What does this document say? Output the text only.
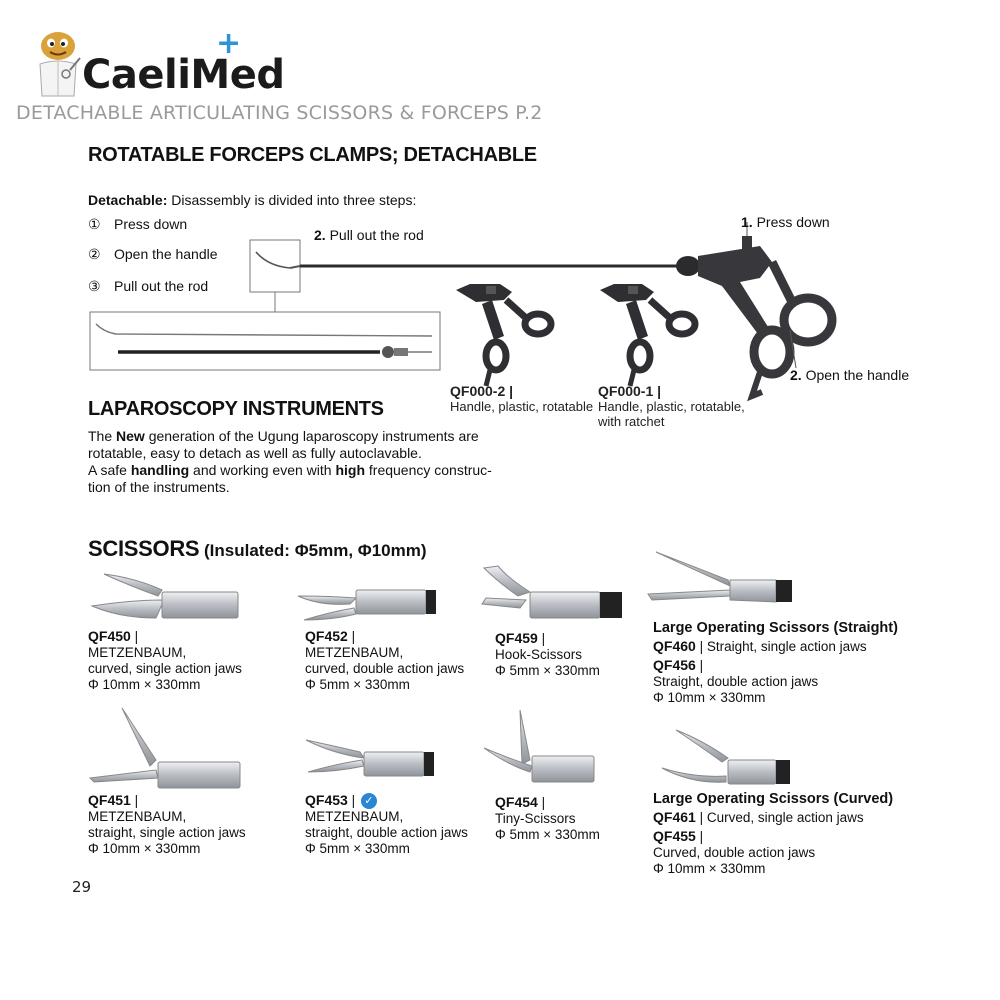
+
CaeliMed
DETACHABLE ARTICULATING SCISSORS & FORCEPS P.2
ROTATABLE FORCEPS CLAMPS; DETACHABLE
Detachable: Disassembly is divided into three steps:
① Press down
② Open the handle
③ Pull out the rod
2. Pull out the rod
1. Press down
2. Open the handle
QF000-2 |
Handle, plastic, rotatable
QF000-1 |
Handle, plastic, rotatable,
with ratchet
LAPAROSCOPY INSTRUMENTS
The New generation of the Ugung laparoscopy instruments are
rotatable, easy to detach as well as fully autoclavable.
A safe handling and working even with high frequency construc-
tion of the instruments.
SCISSORS (Insulated: Φ5mm, Φ10mm)
QF450 |
METZENBAUM,
curved, single action jaws
Φ 10mm × 330mm
QF452 |
METZENBAUM,
curved, double action jaws
Φ 5mm × 330mm
QF459 |
Hook-Scissors
Φ 5mm × 330mm
Large Operating Scissors (Straight)
QF460 | Straight, single action jaws
QF456 |
Straight, double action jaws
Φ 10mm × 330mm
QF451 |
METZENBAUM,
straight, single action jaws
Φ 10mm × 330mm
QF453 | ✓
METZENBAUM,
straight, double action jaws
Φ 5mm × 330mm
QF454 |
Tiny-Scissors
Φ 5mm × 330mm
Large Operating Scissors (Curved)
QF461 | Curved, single action jaws
QF455 |
Curved, double action jaws
Φ 10mm × 330mm
29
